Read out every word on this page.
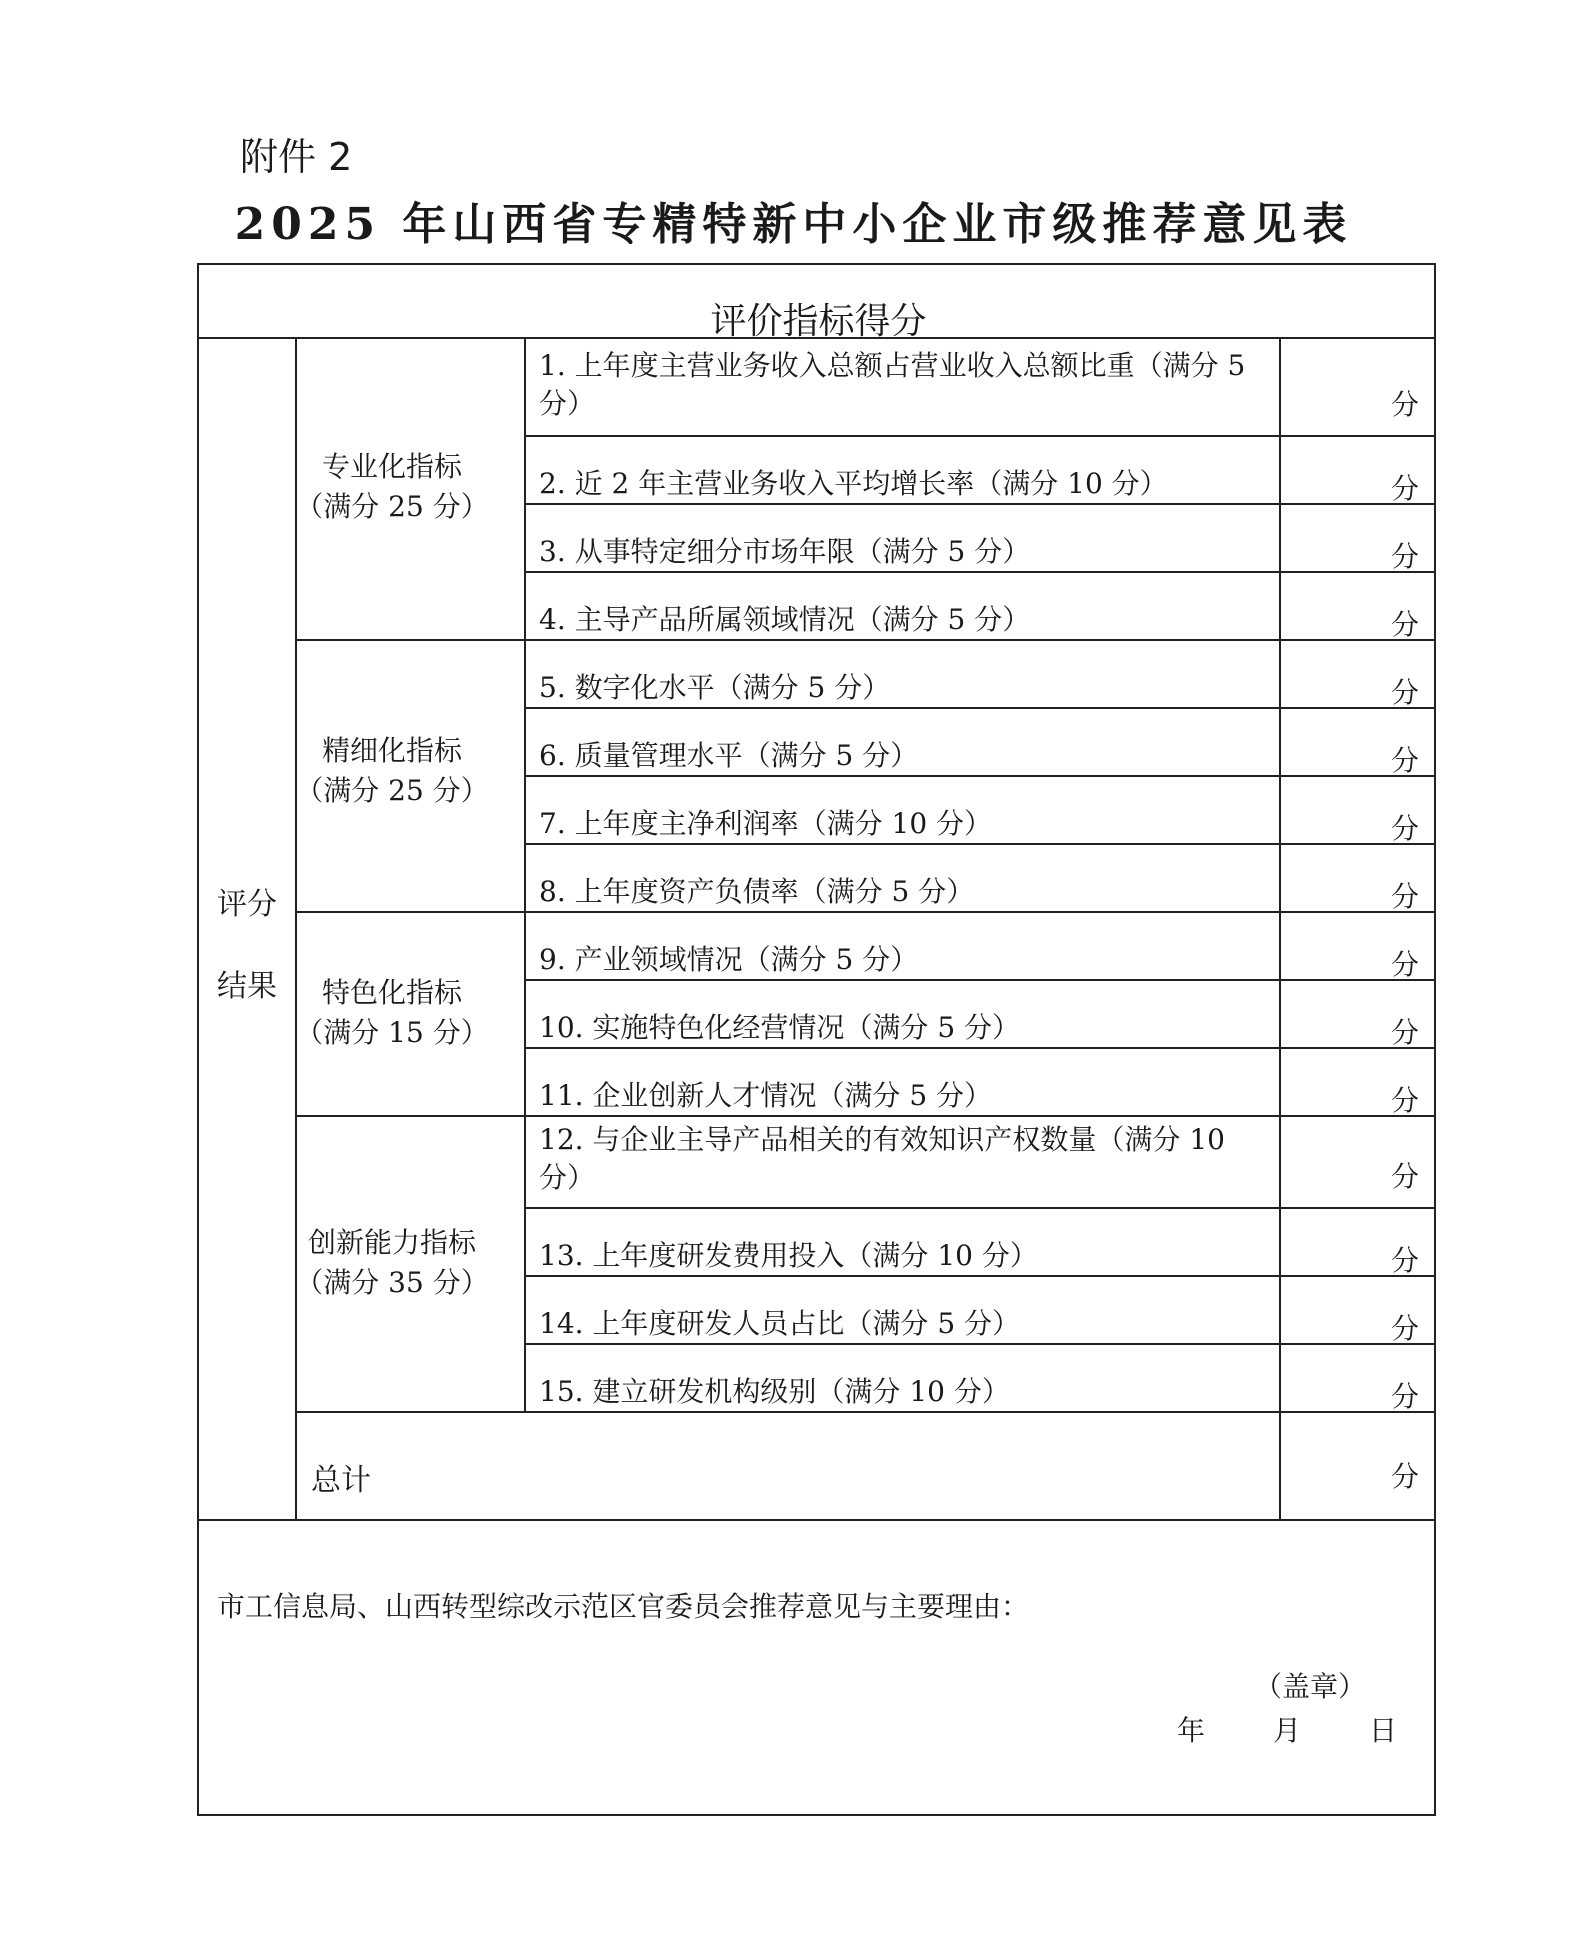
附件 2
2025 年山西省专精特新中小企业市级推荐意见表
评价指标得分
评分
结果
专业化指标
（满分 25 分）
精细化指标
（满分 25 分）
特色化指标
（满分 15 分）
创新能力指标
（满分 35 分）
1. 上年度主营业务收入总额占营业收入总额比重（满分 5 分）
2. 近 2 年主营业务收入平均增长率（满分 10 分）
3. 从事特定细分市场年限（满分 5 分）
4. 主导产品所属领域情况（满分 5 分）
5. 数字化水平（满分 5 分）
6. 质量管理水平（满分 5 分）
7. 上年度主净利润率（满分 10 分）
8. 上年度资产负债率（满分 5 分）
9. 产业领域情况（满分 5 分）
10. 实施特色化经营情况（满分 5 分）
11. 企业创新人才情况（满分 5 分）
12. 与企业主导产品相关的有效知识产权数量（满分 10 分）
13. 上年度研发费用投入（满分 10 分）
14. 上年度研发人员占比（满分 5 分）
15. 建立研发机构级别（满分 10 分）
分
分
分
分
分
分
分
分
分
分
分
分
分
分
分
总计	分
市工信息局、山西转型综改示范区官委员会推荐意见与主要理由：
（盖章）
年 月 日
